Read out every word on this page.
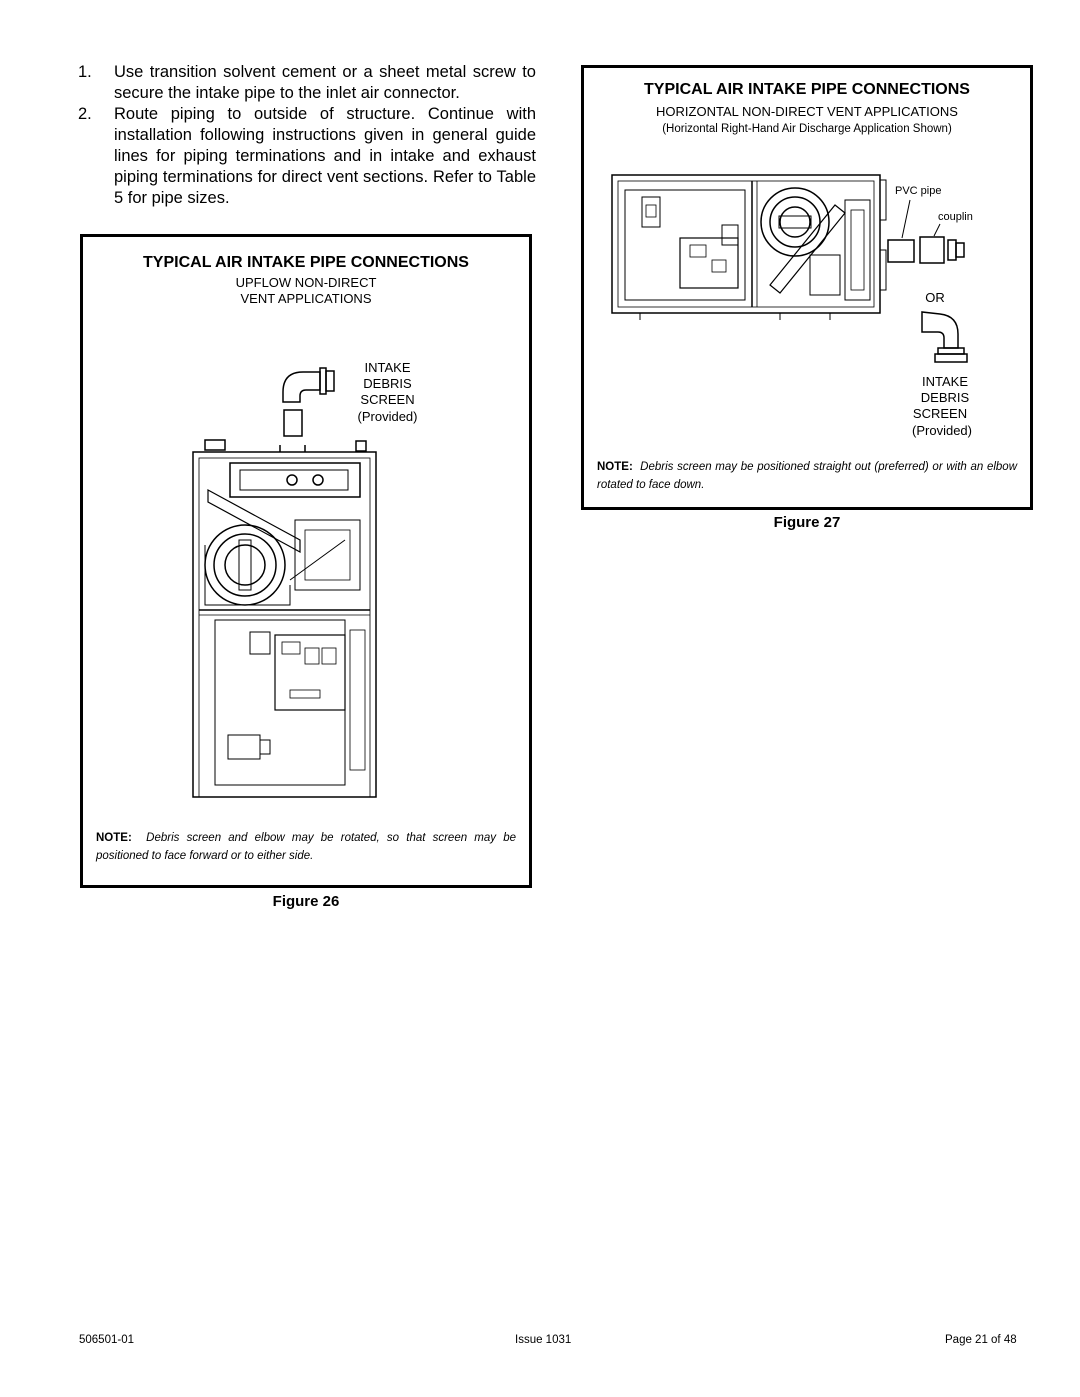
1. Use transition solvent cement or a sheet metal screw to secure the intake pipe to the inlet air connector.
2. Route piping to outside of structure. Continue with installation following instructions given in general guide lines for piping terminations and in intake and exhaust piping terminations for direct vent sections. Refer to Table 5 for pipe sizes.
TYPICAL AIR INTAKE PIPE CONNECTIONS
UPFLOW NON-DIRECT
VENT APPLICATIONS
INTAKE
DEBRIS
SCREEN
(Provided)
NOTE: Debris screen and elbow may be rotated, so that screen may be positioned to face forward or to either side.
Figure 26
TYPICAL AIR INTAKE PIPE CONNECTIONS
HORIZONTAL NON-DIRECT VENT APPLICATIONS
(Horizontal Right-Hand Air Discharge Application Shown)
PVC pipe
couplin
OR
INTAKE
DEBRIS
SCREEN
(Provided)
NOTE: Debris screen may be positioned straight out (preferred) or with an elbow rotated to face down.
Figure 27
506501-01	Issue 1031	Page 21 of 48
